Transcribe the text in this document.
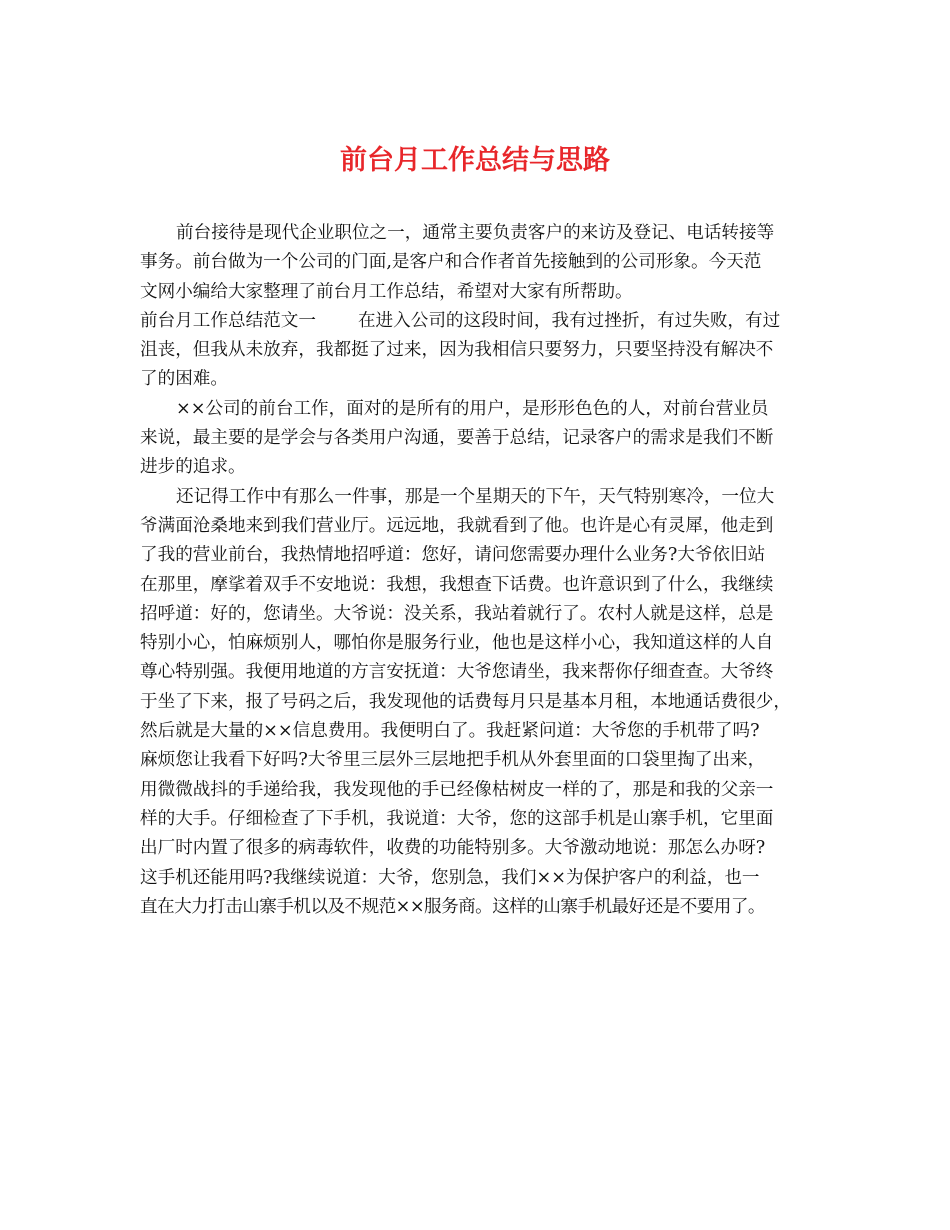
前台月工作总结与思路
前台接待是现代企业职位之一，通常主要负责客户的来访及登记、电话转接等
事务。前台做为一个公司的门面,是客户和合作者首先接触到的公司形象。今天范
文网小编给大家整理了前台月工作总结，希望对大家有所帮助。
前台月工作总结范文一 在进入公司的这段时间，我有过挫折，有过失败，有过
沮丧，但我从未放弃，我都挺了过来，因为我相信只要努力，只要坚持没有解决不
了的困难。
××公司的前台工作，面对的是所有的用户，是形形色色的人，对前台营业员
来说，最主要的是学会与各类用户沟通，要善于总结，记录客户的需求是我们不断
进步的追求。
还记得工作中有那么一件事，那是一个星期天的下午，天气特别寒冷，一位大
爷满面沧桑地来到我们营业厅。远远地，我就看到了他。也许是心有灵犀，他走到
了我的营业前台，我热情地招呼道：您好，请问您需要办理什么业务?大爷依旧站
在那里，摩挲着双手不安地说：我想，我想查下话费。也许意识到了什么，我继续
招呼道：好的，您请坐。大爷说：没关系，我站着就行了。农村人就是这样，总是
特别小心，怕麻烦别人，哪怕你是服务行业，他也是这样小心，我知道这样的人自
尊心特别强。我便用地道的方言安抚道：大爷您请坐，我来帮你仔细查查。大爷终
于坐了下来，报了号码之后，我发现他的话费每月只是基本月租，本地通话费很少，
然后就是大量的××信息费用。我便明白了。我赶紧问道：大爷您的手机带了吗?
麻烦您让我看下好吗?大爷里三层外三层地把手机从外套里面的口袋里掏了出来，
用微微战抖的手递给我，我发现他的手已经像枯树皮一样的了，那是和我的父亲一
样的大手。仔细检查了下手机，我说道：大爷，您的这部手机是山寨手机，它里面
出厂时内置了很多的病毒软件，收费的功能特别多。大爷激动地说：那怎么办呀?
这手机还能用吗?我继续说道：大爷，您别急，我们××为保护客户的利益，也一
直在大力打击山寨手机以及不规范××服务商。这样的山寨手机最好还是不要用了。
